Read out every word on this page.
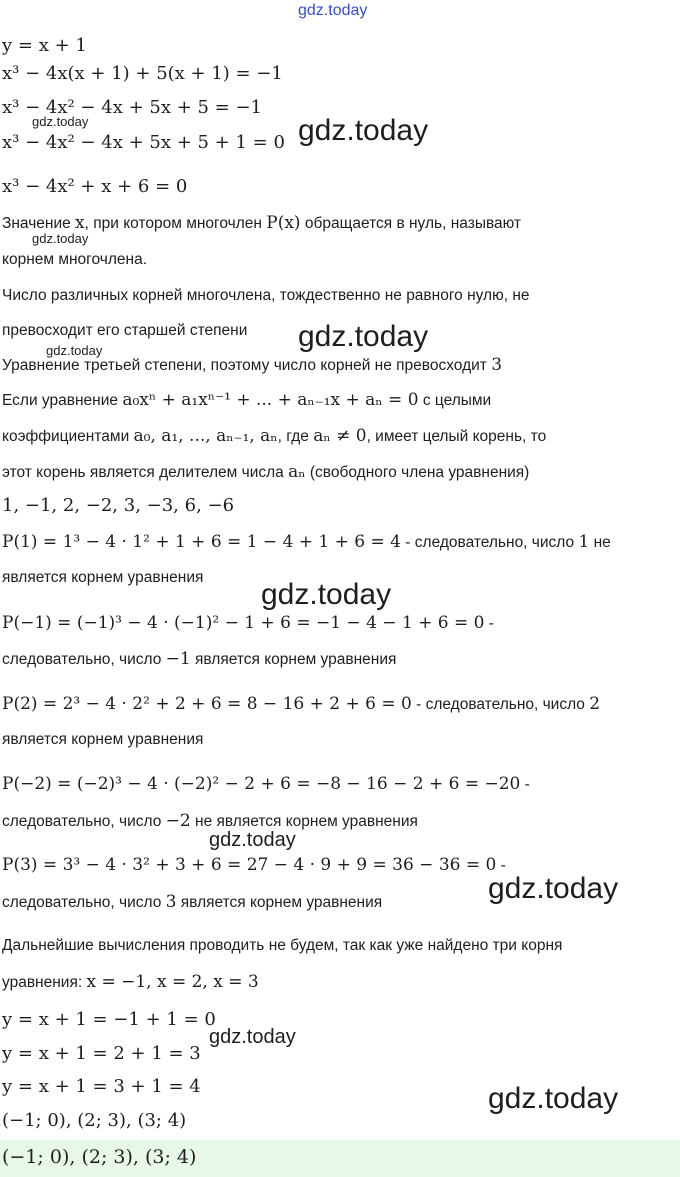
gdz.today
gdz.today	gdz.today
gdz.today
gdz.today
gdz.today
gdz.today
gdz.today
gdz.today
gdz.today
gdz.today
y = x + 1
x³ − 4x(x + 1) + 5(x + 1) = −1
x³ − 4x² − 4x + 5x + 5 = −1
x³ − 4x² − 4x + 5x + 5 + 1 = 0
x³ − 4x² + x + 6 = 0
Значение x, при котором многочлен P(x) обращается в нуль, называют
корнем многочлена.
Число различных корней многочлена, тождественно не равного нулю, не
превосходит его старшей степени
Уравнение третьей степени, поэтому число корней не превосходит 3
Если уравнение a₀xⁿ + a₁xⁿ⁻¹ + ... + aₙ₋₁x + aₙ = 0 с целыми
коэффициентами a₀, a₁, ..., aₙ₋₁, aₙ, где aₙ ≠ 0, имеет целый корень, то
этот корень является делителем числа aₙ (свободного члена уравнения)
1, −1, 2, −2, 3, −3, 6, −6
P(1) = 1³ − 4 · 1² + 1 + 6 = 1 − 4 + 1 + 6 = 4 - следовательно, число 1 не
является корнем уравнения
P(−1) = (−1)³ − 4 · (−1)² − 1 + 6 = −1 − 4 − 1 + 6 = 0 -
следовательно, число −1 является корнем уравнения
P(2) = 2³ − 4 · 2² + 2 + 6 = 8 − 16 + 2 + 6 = 0 - следовательно, число 2
является корнем уравнения
P(−2) = (−2)³ − 4 · (−2)² − 2 + 6 = −8 − 16 − 2 + 6 = −20 -
следовательно, число −2 не является корнем уравнения
P(3) = 3³ − 4 · 3² + 3 + 6 = 27 − 4 · 9 + 9 = 36 − 36 = 0 -
следовательно, число 3 является корнем уравнения
Дальнейшие вычисления проводить не будем, так как уже найдено три корня
уравнения: x = −1, x = 2, x = 3
y = x + 1 = −1 + 1 = 0
y = x + 1 = 2 + 1 = 3
y = x + 1 = 3 + 1 = 4
(−1; 0), (2; 3), (3; 4)
(−1; 0), (2; 3), (3; 4)
